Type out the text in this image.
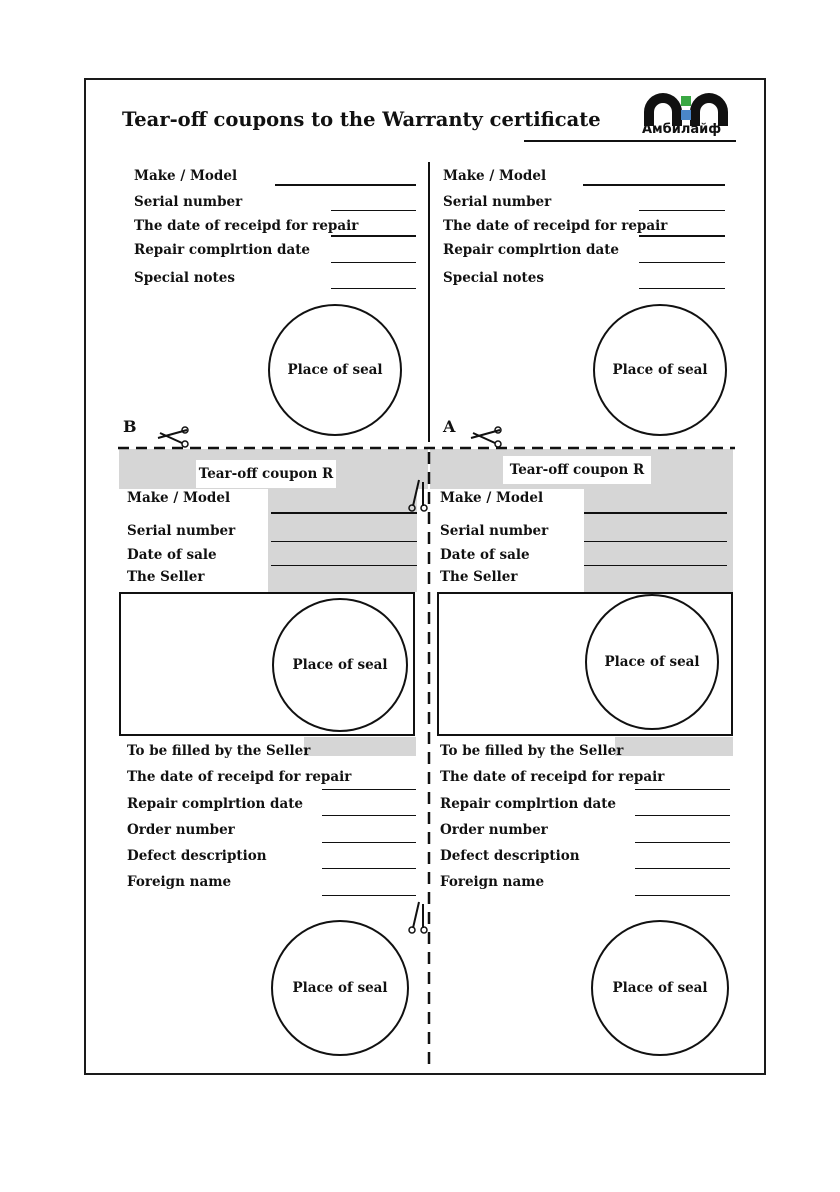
Tear-off coupons to the Warranty certificate	Амбилайф
Make / Model
Serial number
The date of receipd for repair
Repair complrtion date
Special notes
Place of seal
Make / Model
Serial number
The date of receipd for repair
Repair complrtion date
Special notes
Place of seal
B	A
Tear-off coupon R
Make / Model
Serial number
Date of sale
The Seller
Place of seal
To be filled by the Seller
The date of receipd for repair
Repair complrtion date
Order number
Defect description
Foreign name
Place of seal
Tear-off coupon R
Make / Model
Serial number
Date of sale
The Seller
Place of seal
To be filled by the Seller
The date of receipd for repair
Repair complrtion date
Order number
Defect description
Foreign name
Place of seal
